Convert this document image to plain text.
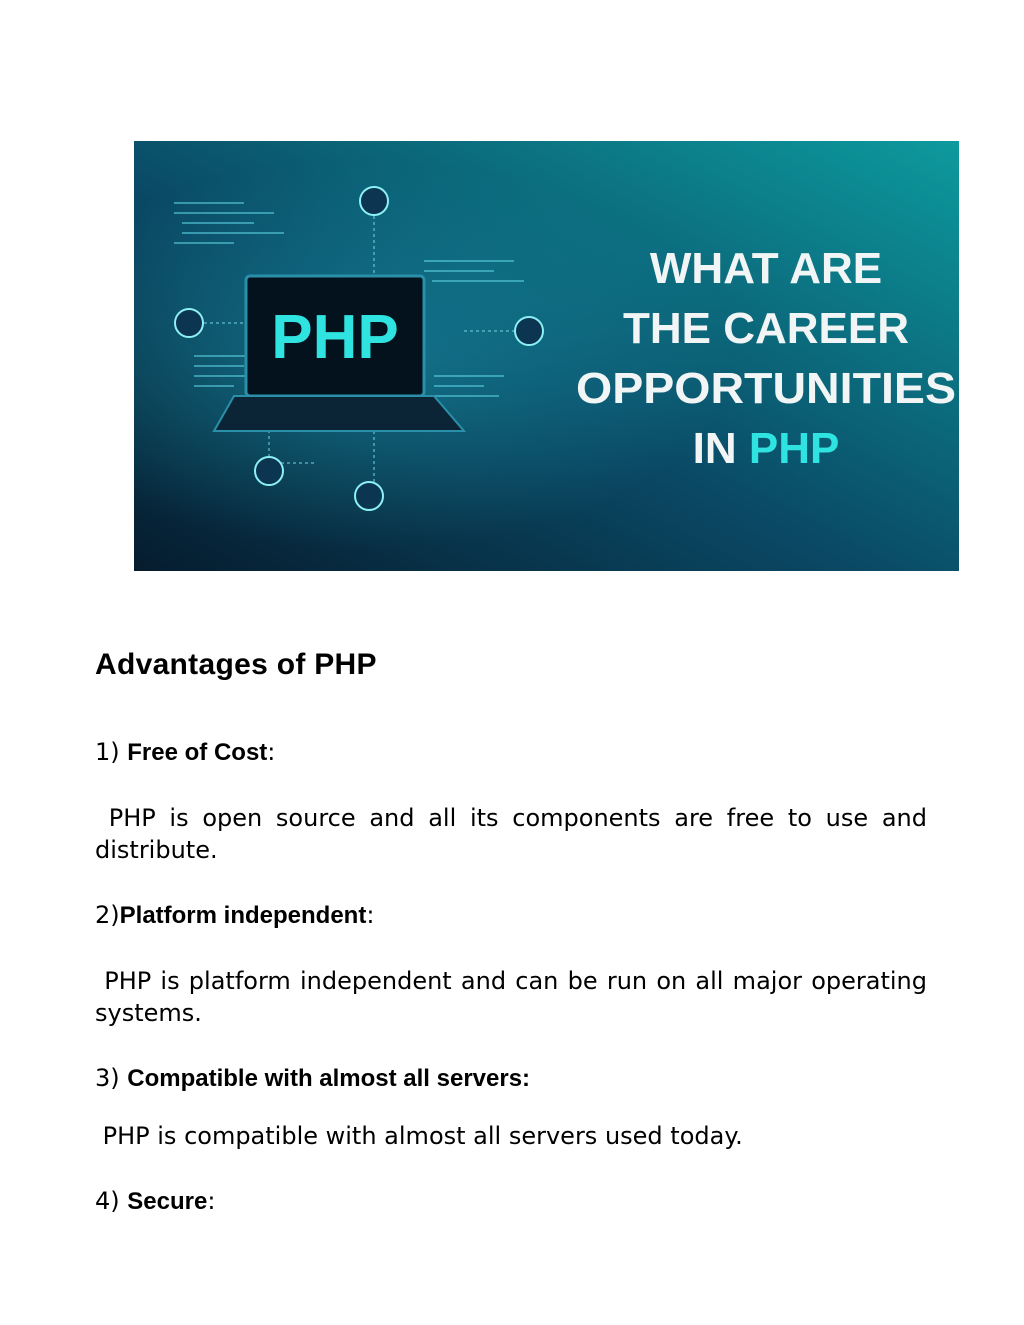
PHP
WHAT ARE
THE CAREER
OPPORTUNITIES
IN PHP
Advantages of PHP

1) Free of Cost:

PHP is open source and all its components are free to use and distribute.

2)Platform independent:

PHP is platform independent and can be run on all major operating systems.

3) Compatible with almost all servers:

PHP is compatible with almost all servers used today.

4) Secure:
